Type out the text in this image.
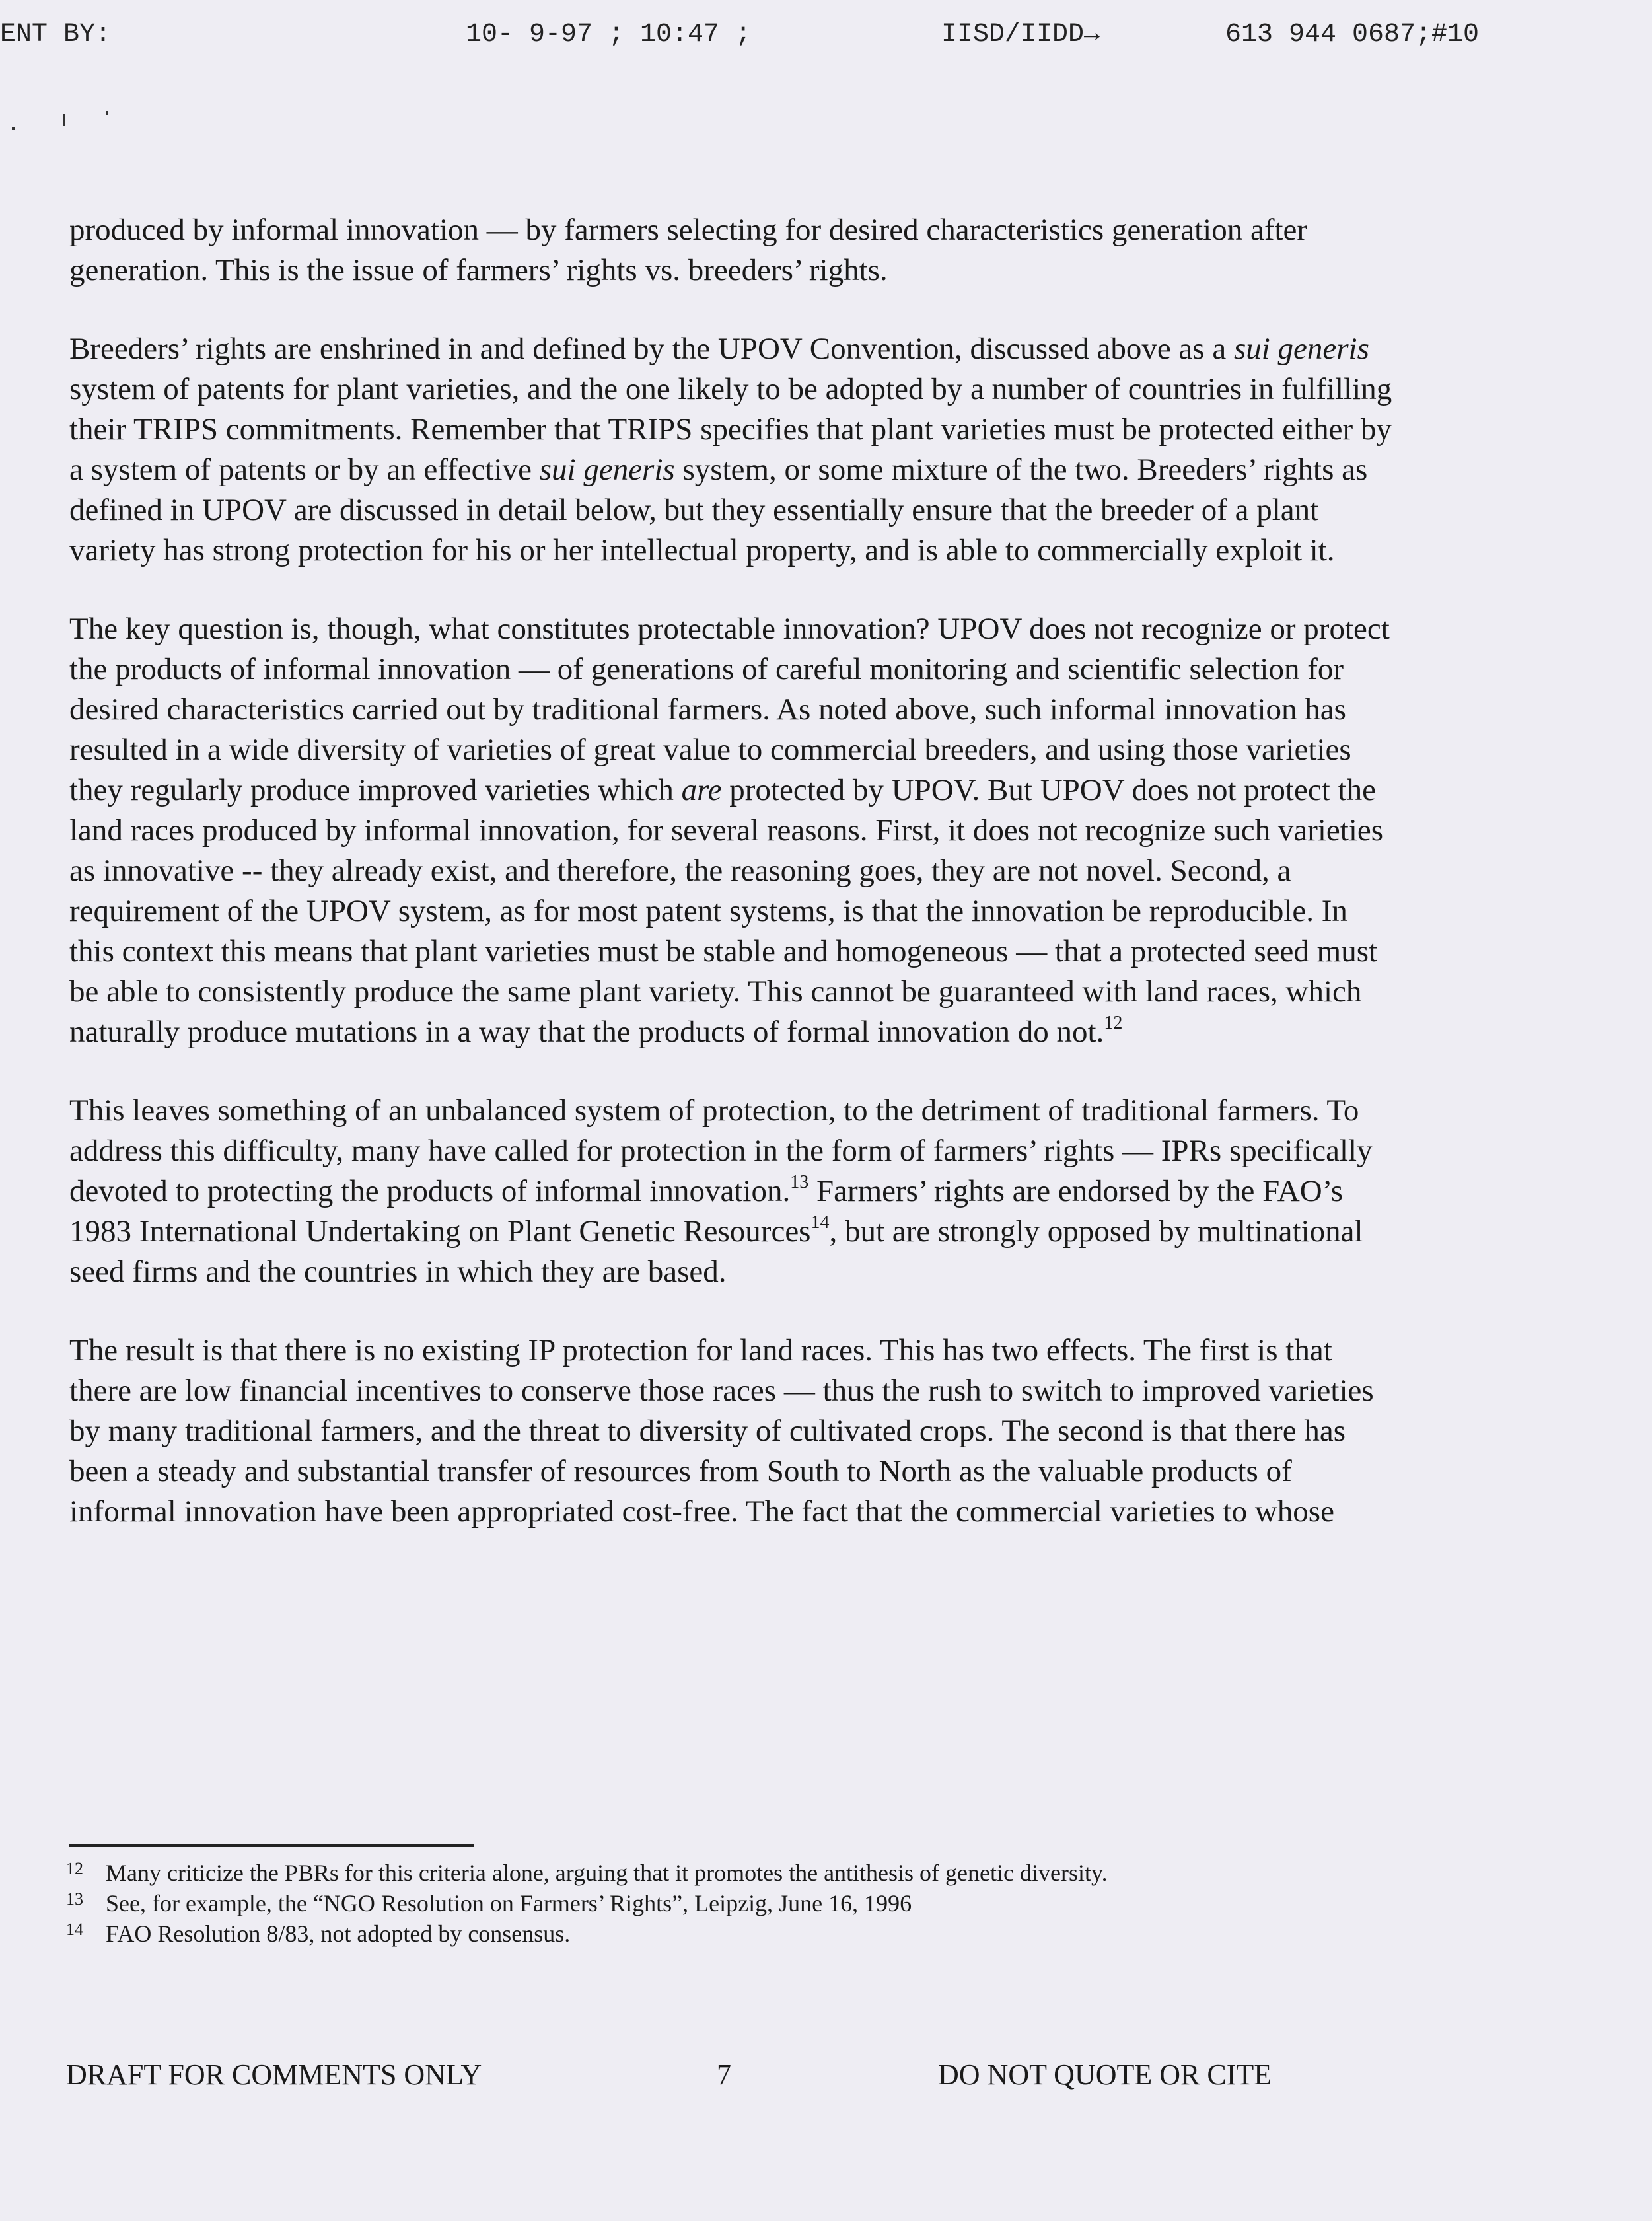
ENT BY:	10- 9-97 ; 10:47 ;	IISD/IIDD→	613 944 0687;#10

produced by informal innovation — by farmers selecting for desired characteristics generation after generation. This is the issue of farmers’ rights vs. breeders’ rights.

Breeders’ rights are enshrined in and defined by the UPOV Convention, discussed above as a sui generis system of patents for plant varieties, and the one likely to be adopted by a number of countries in fulfilling their TRIPS commitments. Remember that TRIPS specifies that plant varieties must be protected either by a system of patents or by an effective sui generis system, or some mixture of the two. Breeders’ rights as defined in UPOV are discussed in detail below, but they essentially ensure that the breeder of a plant variety has strong protection for his or her intellectual property, and is able to commercially exploit it.

The key question is, though, what constitutes protectable innovation? UPOV does not recognize or protect the products of informal innovation — of generations of careful monitoring and scientific selection for desired characteristics carried out by traditional farmers. As noted above, such informal innovation has resulted in a wide diversity of varieties of great value to commercial breeders, and using those varieties they regularly produce improved varieties which are protected by UPOV. But UPOV does not protect the land races produced by informal innovation, for several reasons. First, it does not recognize such varieties as innovative -- they already exist, and therefore, the reasoning goes, they are not novel. Second, a requirement of the UPOV system, as for most patent systems, is that the innovation be reproducible. In this context this means that plant varieties must be stable and homogeneous — that a protected seed must be able to consistently produce the same plant variety. This cannot be guaranteed with land races, which naturally produce mutations in a way that the products of formal innovation do not.$^{12}$

This leaves something of an unbalanced system of protection, to the detriment of traditional farmers. To address this difficulty, many have called for protection in the form of farmers’ rights — IPRs specifically devoted to protecting the products of informal innovation.$^{13}$ Farmers’ rights are endorsed by the FAO’s 1983 International Undertaking on Plant Genetic Resources$^{14}$, but are strongly opposed by multinational seed firms and the countries in which they are based.

The result is that there is no existing IP protection for land races. This has two effects. The first is that there are low financial incentives to conserve those races — thus the rush to switch to improved varieties by many traditional farmers, and the threat to diversity of cultivated crops. The second is that there has been a steady and substantial transfer of resources from South to North as the valuable products of informal innovation have been appropriated cost-free. The fact that the commercial varieties to whose

12 Many criticize the PBRs for this criteria alone, arguing that it promotes the antithesis of genetic diversity.
13 See, for example, the “NGO Resolution on Farmers’ Rights”, Leipzig, June 16, 1996
14 FAO Resolution 8/83, not adopted by consensus.
DRAFT FOR COMMENTS ONLY	7	DO NOT QUOTE OR CITE
